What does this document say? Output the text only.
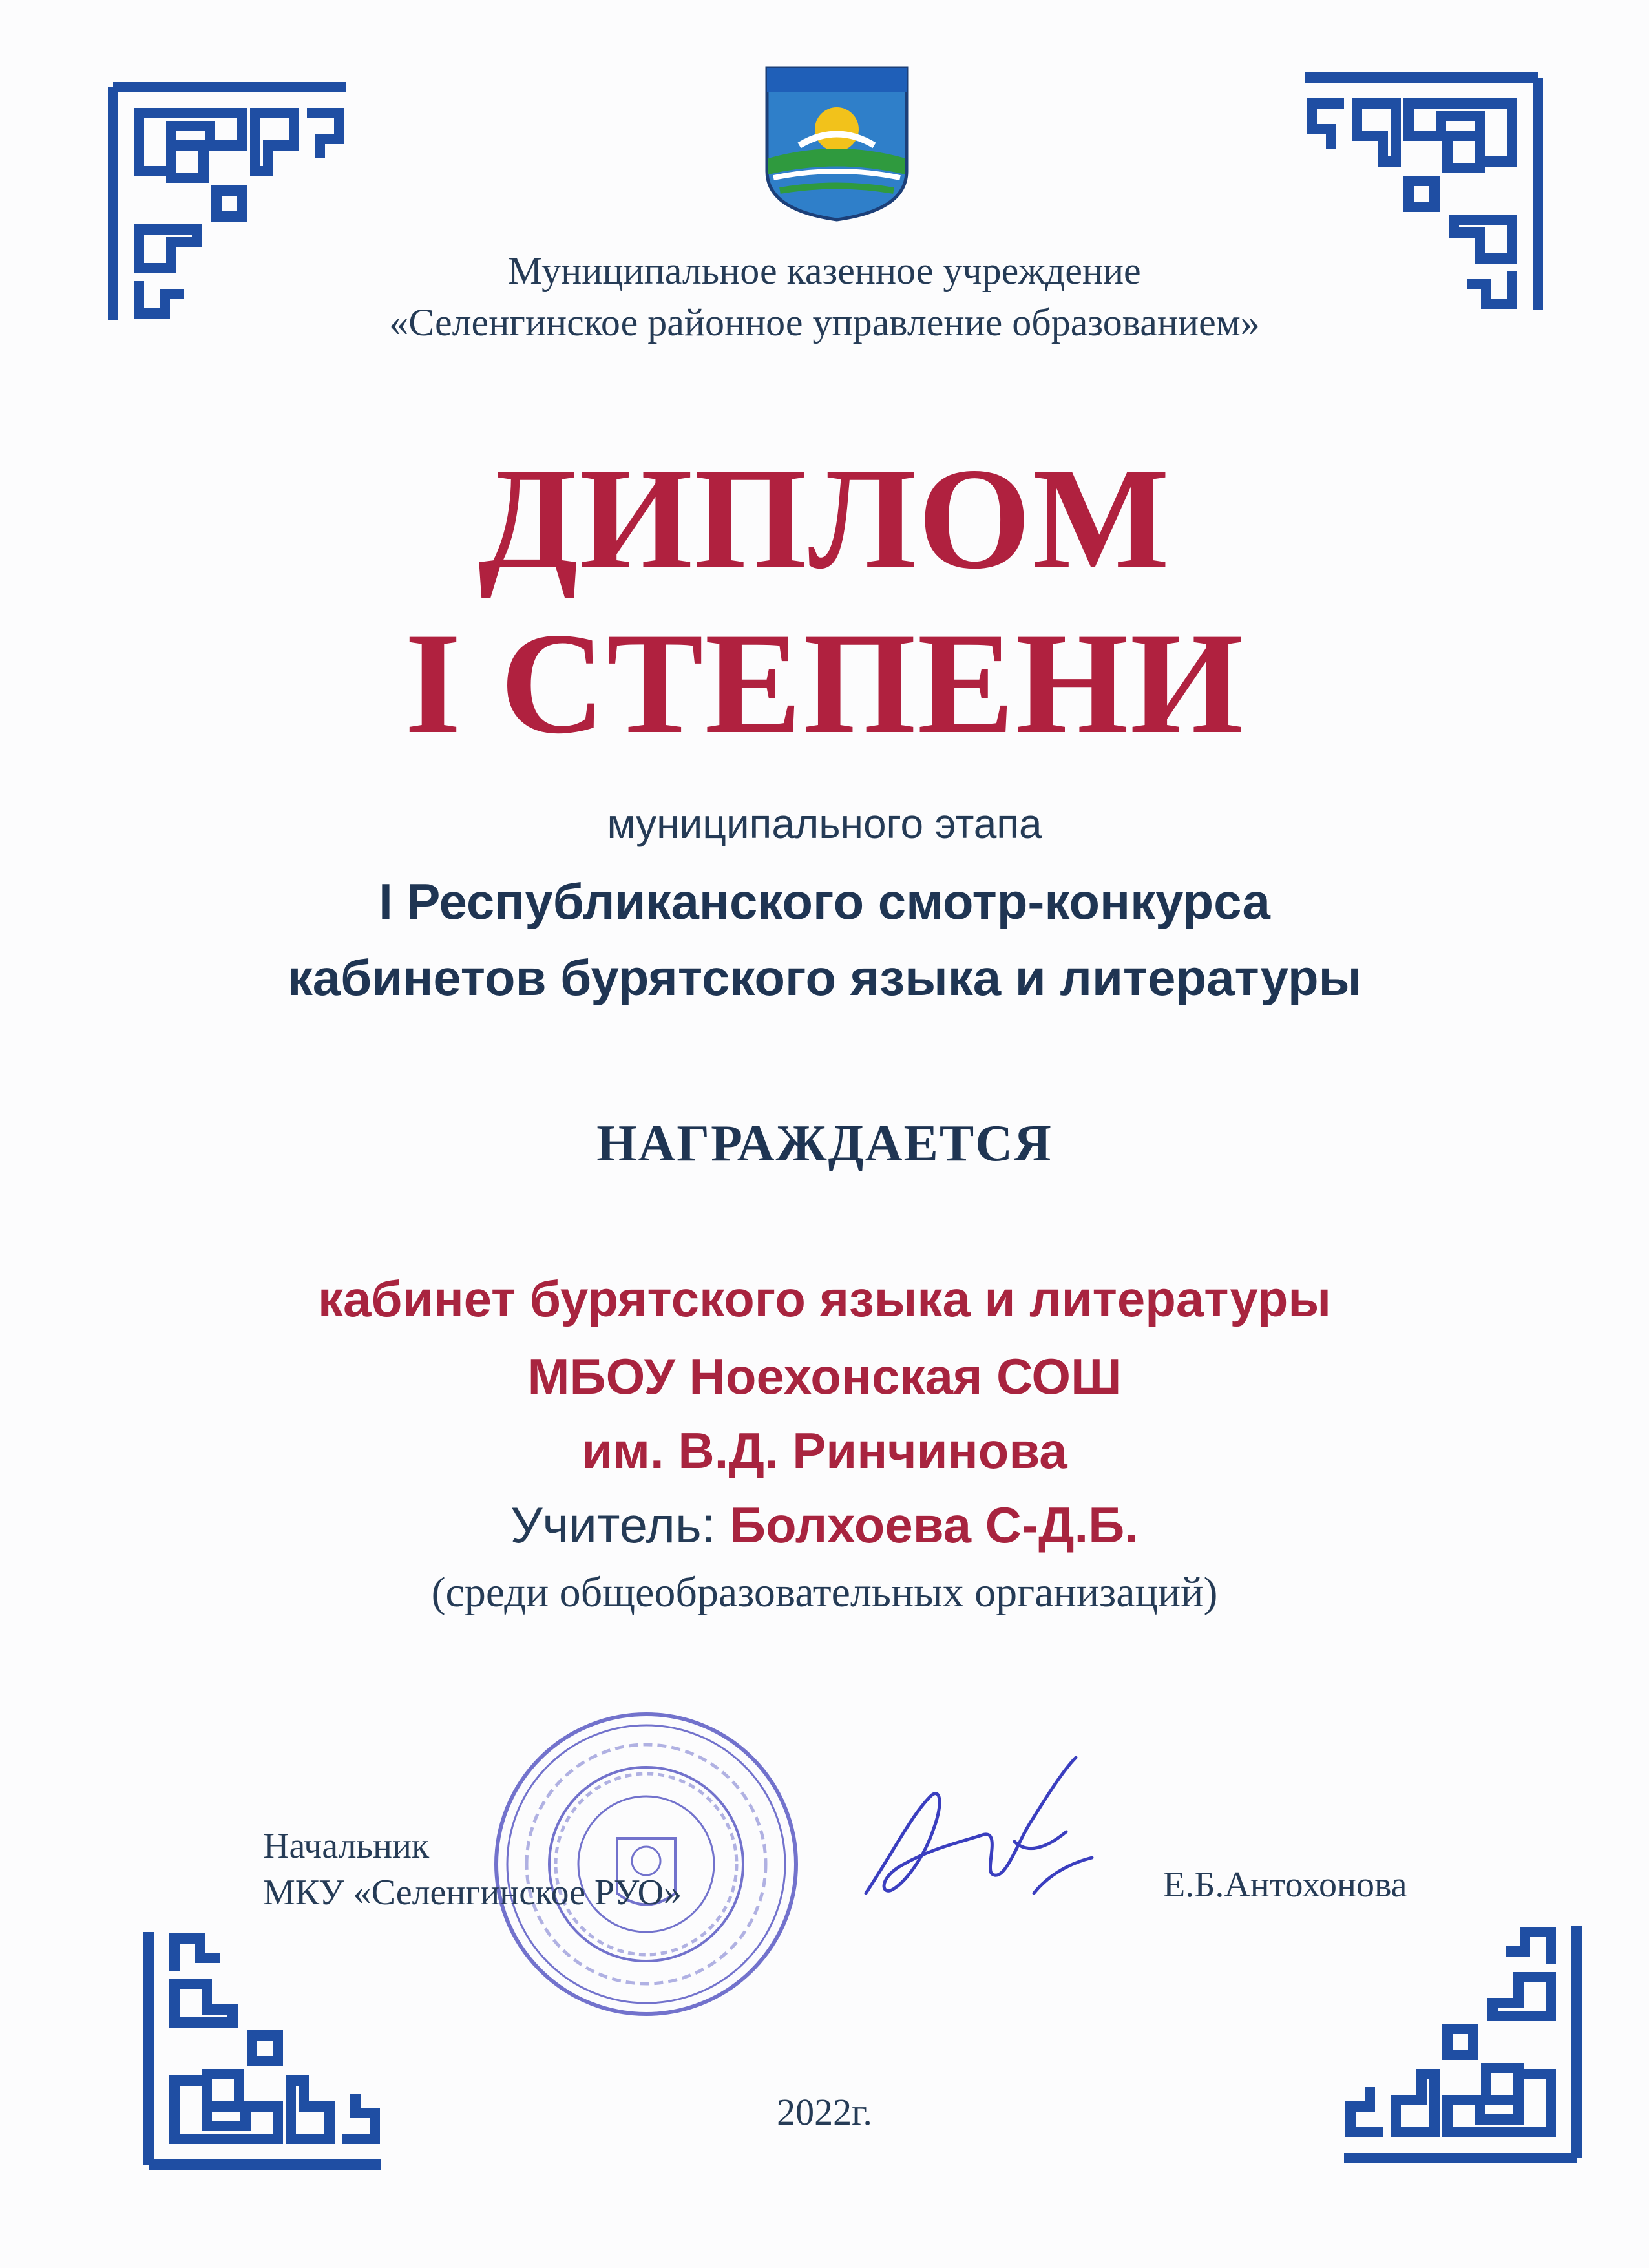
Муниципальное казенное учреждение
«Селенгинское районное управление образованием»
ДИПЛОМ
I СТЕПЕНИ
муниципального этапа
I Республиканского смотр-конкурса
кабинетов бурятского языка и литературы
НАГРАЖДАЕТСЯ
кабинет бурятского языка и литературы
МБОУ Ноехонская СОШ
им. В.Д. Ринчинова
Учитель: Болхоева С-Д.Б.
(среди общеобразовательных организаций)
Начальник
МКУ «Селенгинское РУО»	Е.Б.Антохонова
2022г.
